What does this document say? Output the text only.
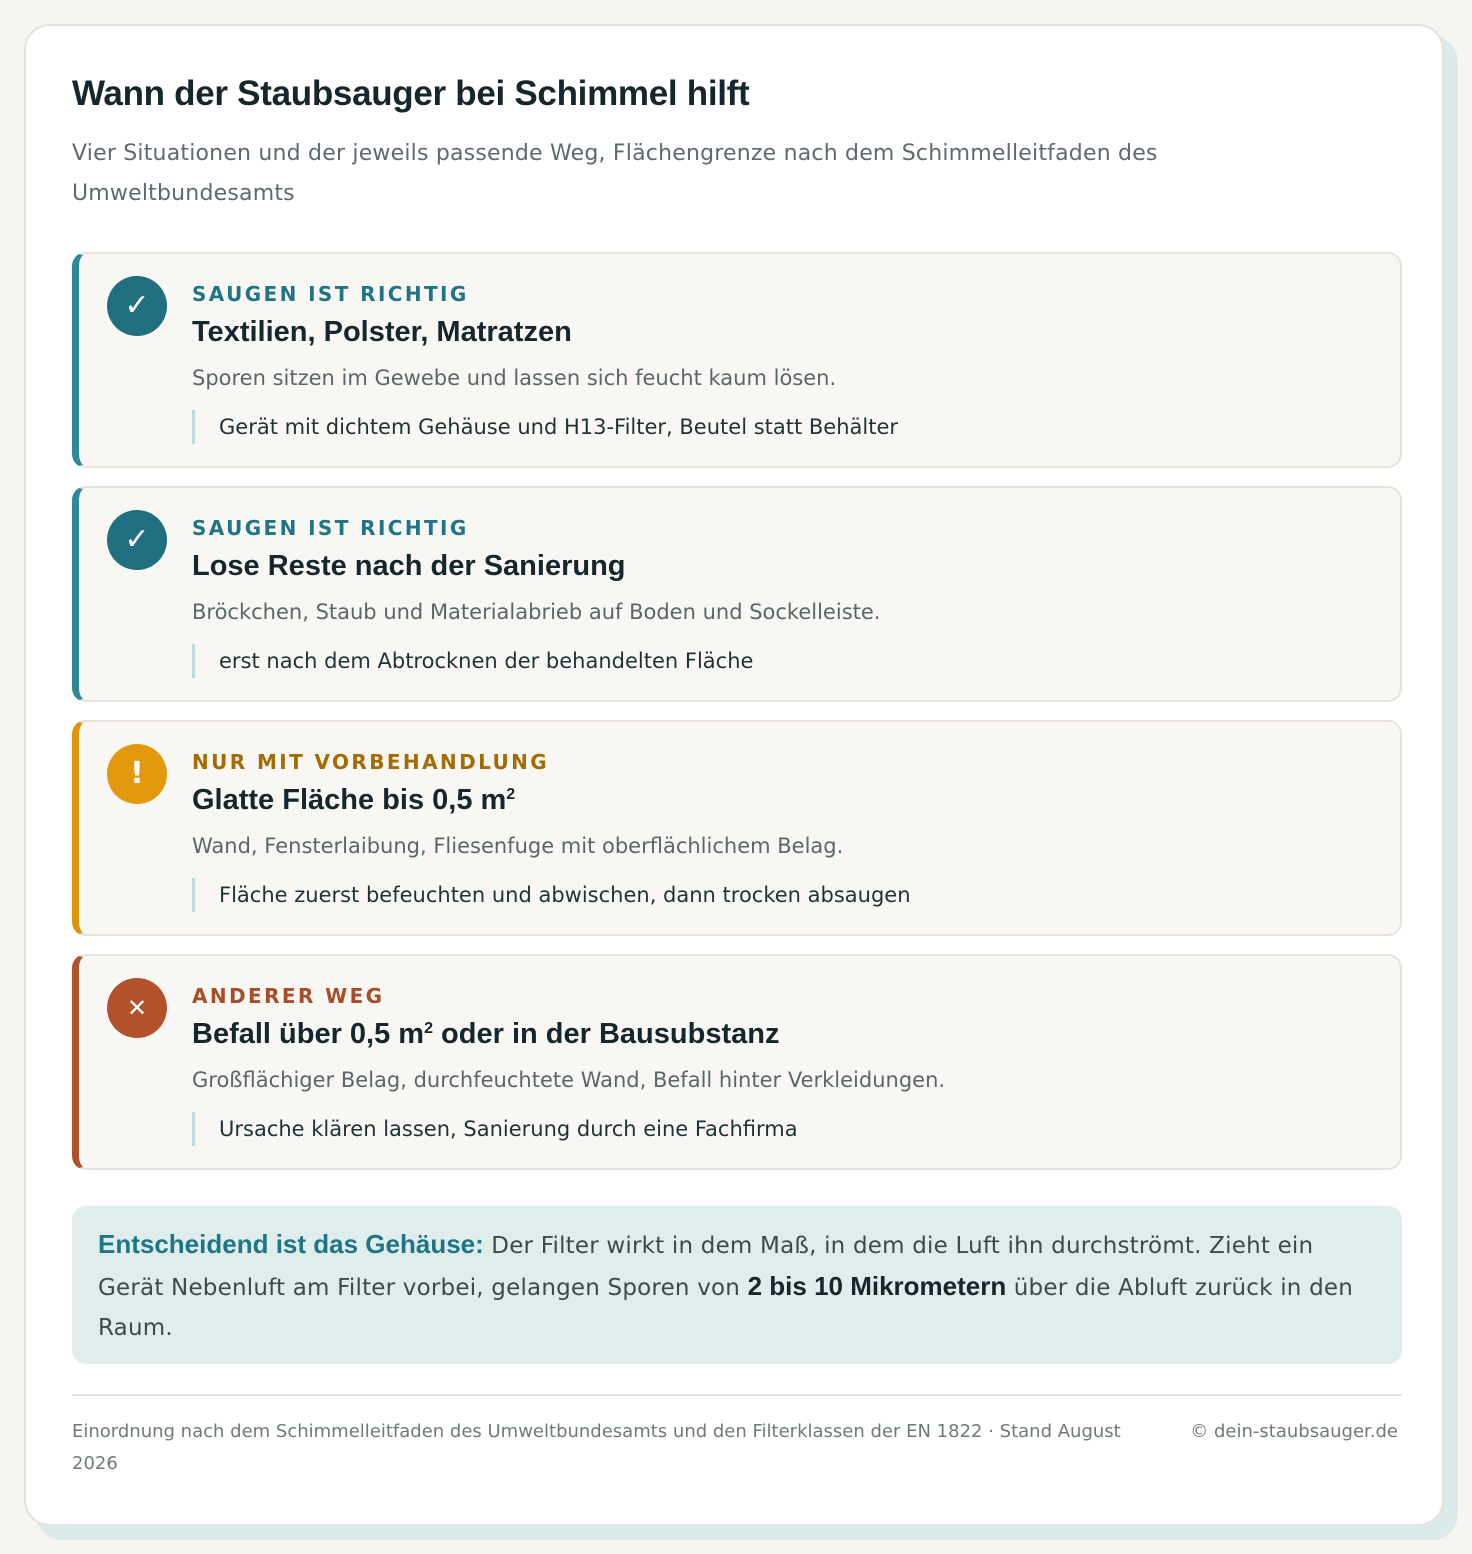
Wann der Staubsauger bei Schimmel hilft

Vier Situationen und der jeweils passende Weg, Flächengrenze nach dem Schimmelleitfaden des Umweltbundesamts

✓	SAUGEN IST RICHTIG
Textilien, Polster, Matratzen
Sporen sitzen im Gewebe und lassen sich feucht kaum lösen.
Gerät mit dichtem Gehäuse und H13-Filter, Beutel statt Behälter
✓	SAUGEN IST RICHTIG
Lose Reste nach der Sanierung
Bröckchen, Staub und Materialabrieb auf Boden und Sockelleiste.
erst nach dem Abtrocknen der behandelten Fläche
!	NUR MIT VORBEHANDLUNG
Glatte Fläche bis 0,5 $m^2$
Wand, Fensterlaibung, Fliesenfuge mit oberflächlichem Belag.
Fläche zuerst befeuchten und abwischen, dann trocken absaugen
✕	ANDERER WEG
Befall über 0,5 $m^2$ oder in der Bausubstanz
Großflächiger Belag, durchfeuchtete Wand, Befall hinter Verkleidungen.
Ursache klären lassen, Sanierung durch eine Fachfirma
Entscheidend ist das Gehäuse: Der Filter wirkt in dem Maß, in dem die Luft ihn durchströmt. Zieht ein Gerät Nebenluft am Filter vorbei, gelangen Sporen von 2 bis 10 Mikrometern über die Abluft zurück in den Raum.
Einordnung nach dem Schimmelleitfaden des Umweltbundesamts und den Filterklassen der EN 1822 · Stand August 2026
© dein-staubsauger.de
